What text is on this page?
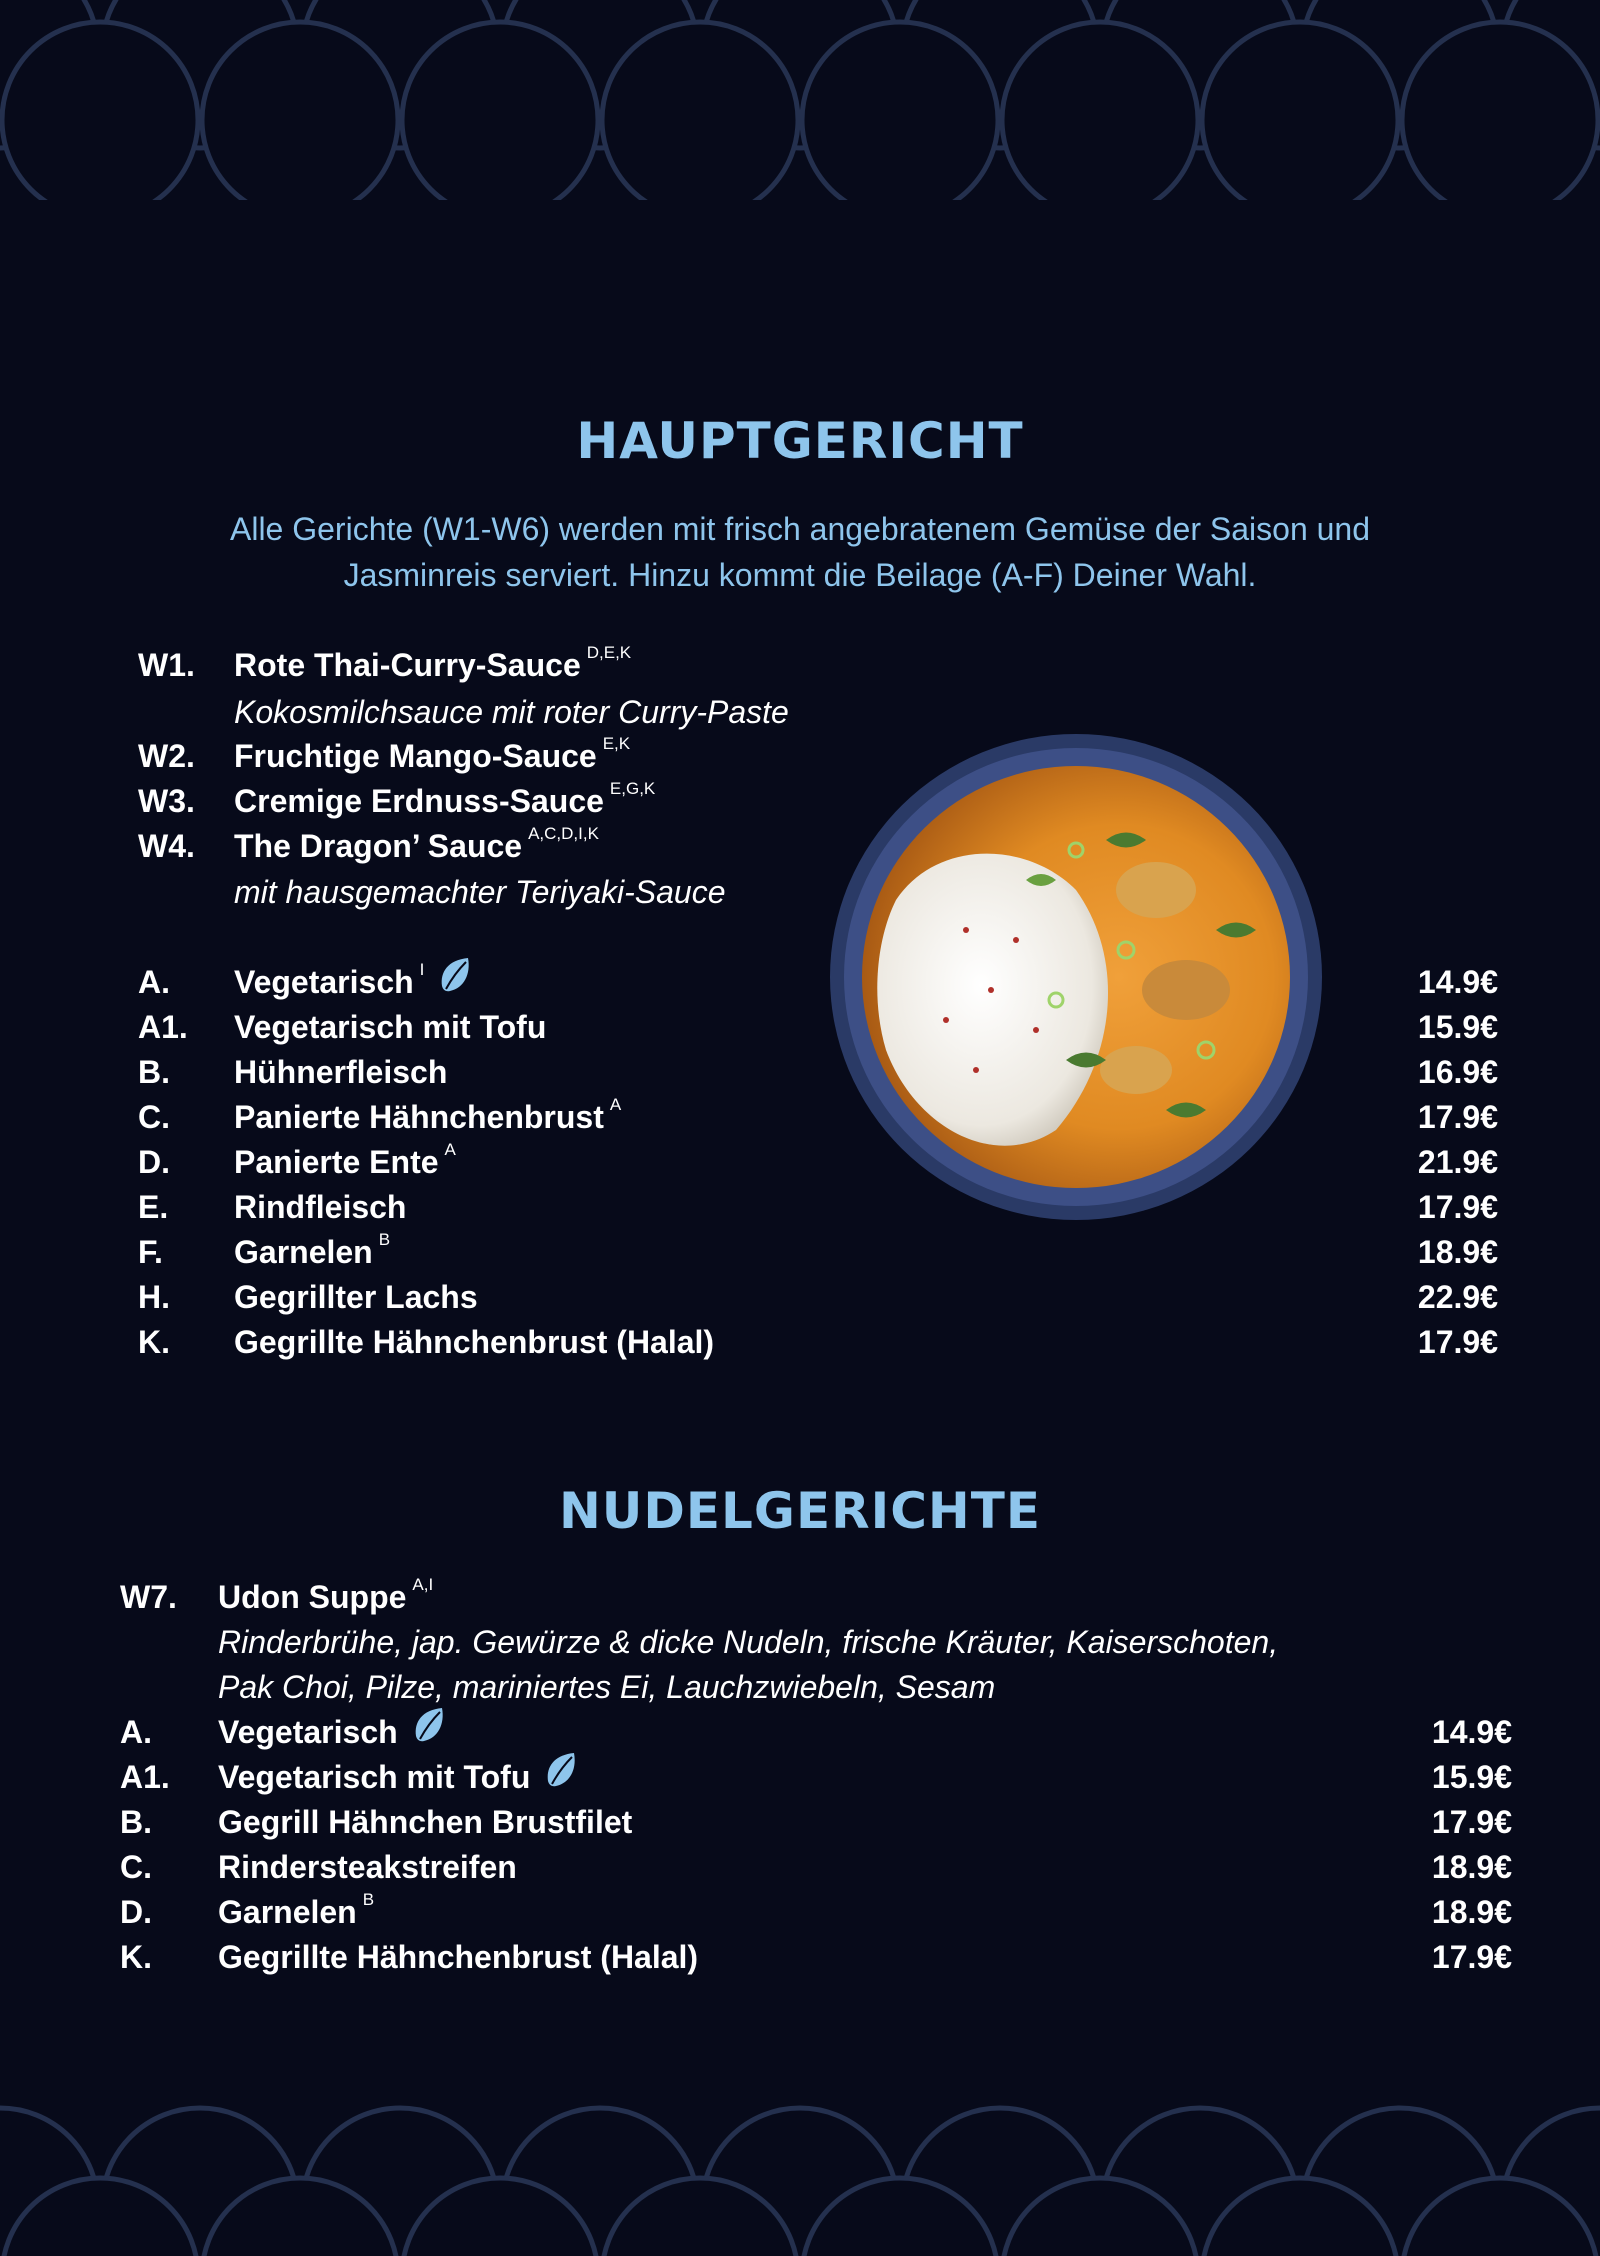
HAUPTGERICHT
Alle Gerichte (W1-W6) werden mit frisch angebratenem Gemüse der Saison und
Jasminreis serviert. Hinzu kommt die Beilage (A-F) Deiner Wahl.
W1. Rote Thai-Curry-Sauce $^{D,E,K}$
Kokosmilchsauce mit roter Curry-Paste
W2. Fruchtige Mango-Sauce $^{E,K}$
W3. Cremige Erdnuss-Sauce $^{E,G,K}$
W4. The Dragon’ Sauce $^{A,C,D,I,K}$
mit hausgemachter Teriyaki-Sauce
A. Vegetarisch $^I$	14.9€
A1. Vegetarisch mit Tofu	15.9€
B. Hühnerfleisch	16.9€
C. Panierte Hähnchenbrust $^A$	17.9€
D. Panierte Ente $^A$	21.9€
E. Rindfleisch	17.9€
F. Garnelen $^B$	18.9€
H. Gegrillter Lachs	22.9€
K. Gegrillte Hähnchenbrust (Halal)	17.9€
NUDELGERICHTE
W7. Udon Suppe $^{A,I}$
Rinderbrühe, jap. Gewürze & dicke Nudeln, frische Kräuter, Kaiserschoten,
Pak Choi, Pilze, mariniertes Ei, Lauchzwiebeln, Sesam
A. Vegetarisch	14.9€
A1. Vegetarisch mit Tofu	15.9€
B. Gegrill Hähnchen Brustfilet	17.9€
C. Rindersteakstreifen	18.9€
D. Garnelen $^B$	18.9€
K. Gegrillte Hähnchenbrust (Halal)	17.9€
